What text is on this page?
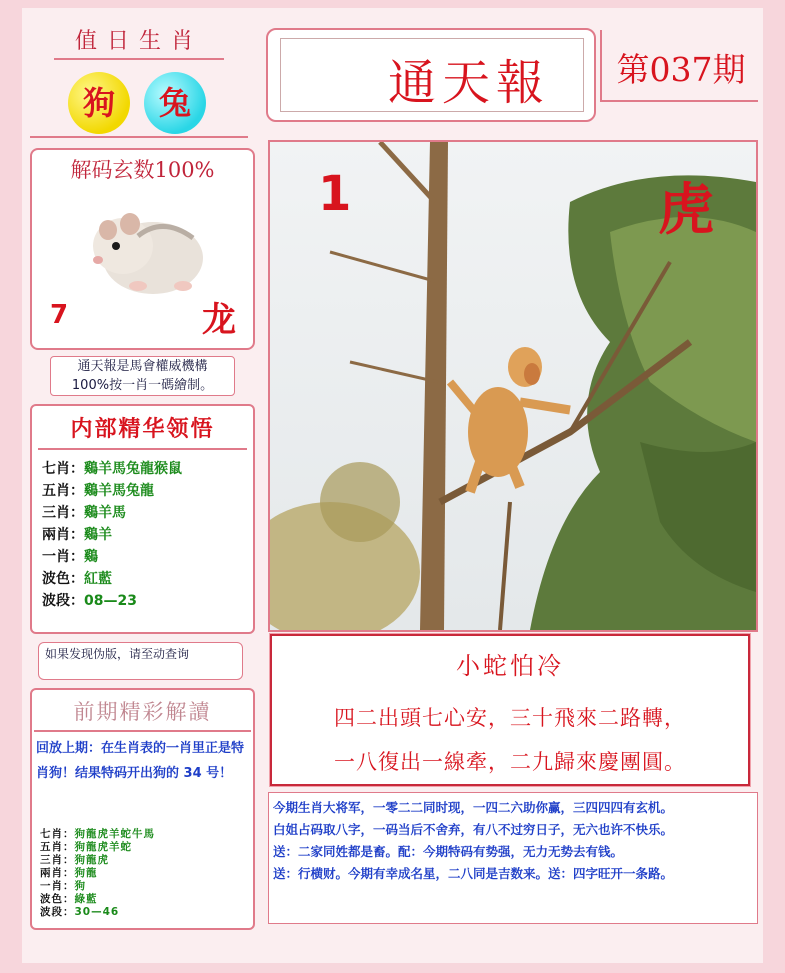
值日生肖
狗	兔
解码玄数100%
7	龙
通天報是馬會權威機構
100%按一肖一碼繪制。
内部精华领悟
七肖：鷄羊馬兔龍猴鼠
五肖：鷄羊馬兔龍
三肖：鷄羊馬
兩肖：鷄羊
一肖：鷄
波色：紅藍
波段：08—23
如果发现伪版，请至动查询
前期精彩解讀
回放上期：在生肖表的一肖里正是特肖狗！结果特码开出狗的 34 号！
七肖：狗龍虎羊蛇牛馬
五肖：狗龍虎羊蛇
三肖：狗龍虎
兩肖：狗龍
一肖：狗
波色：綠藍
波段：30—46
通天報	第037期
1	虎
小蛇怕冷
四二出頭七心安，三十飛來二路轉，
一八復出一線牽，二九歸來慶團圓。
今期生肖大将军，一零二二同时现，一四二六助你赢，三四四四有玄机。
白姐占码取八字，一码当后不舍弃，有八不过穷日子，无六也许不快乐。
送：二家同姓都是畜。配：今期特码有势强，无力无势去有钱。
送：行横财。今期有幸成名星，二八同是吉数来。送：四字旺开一条路。
